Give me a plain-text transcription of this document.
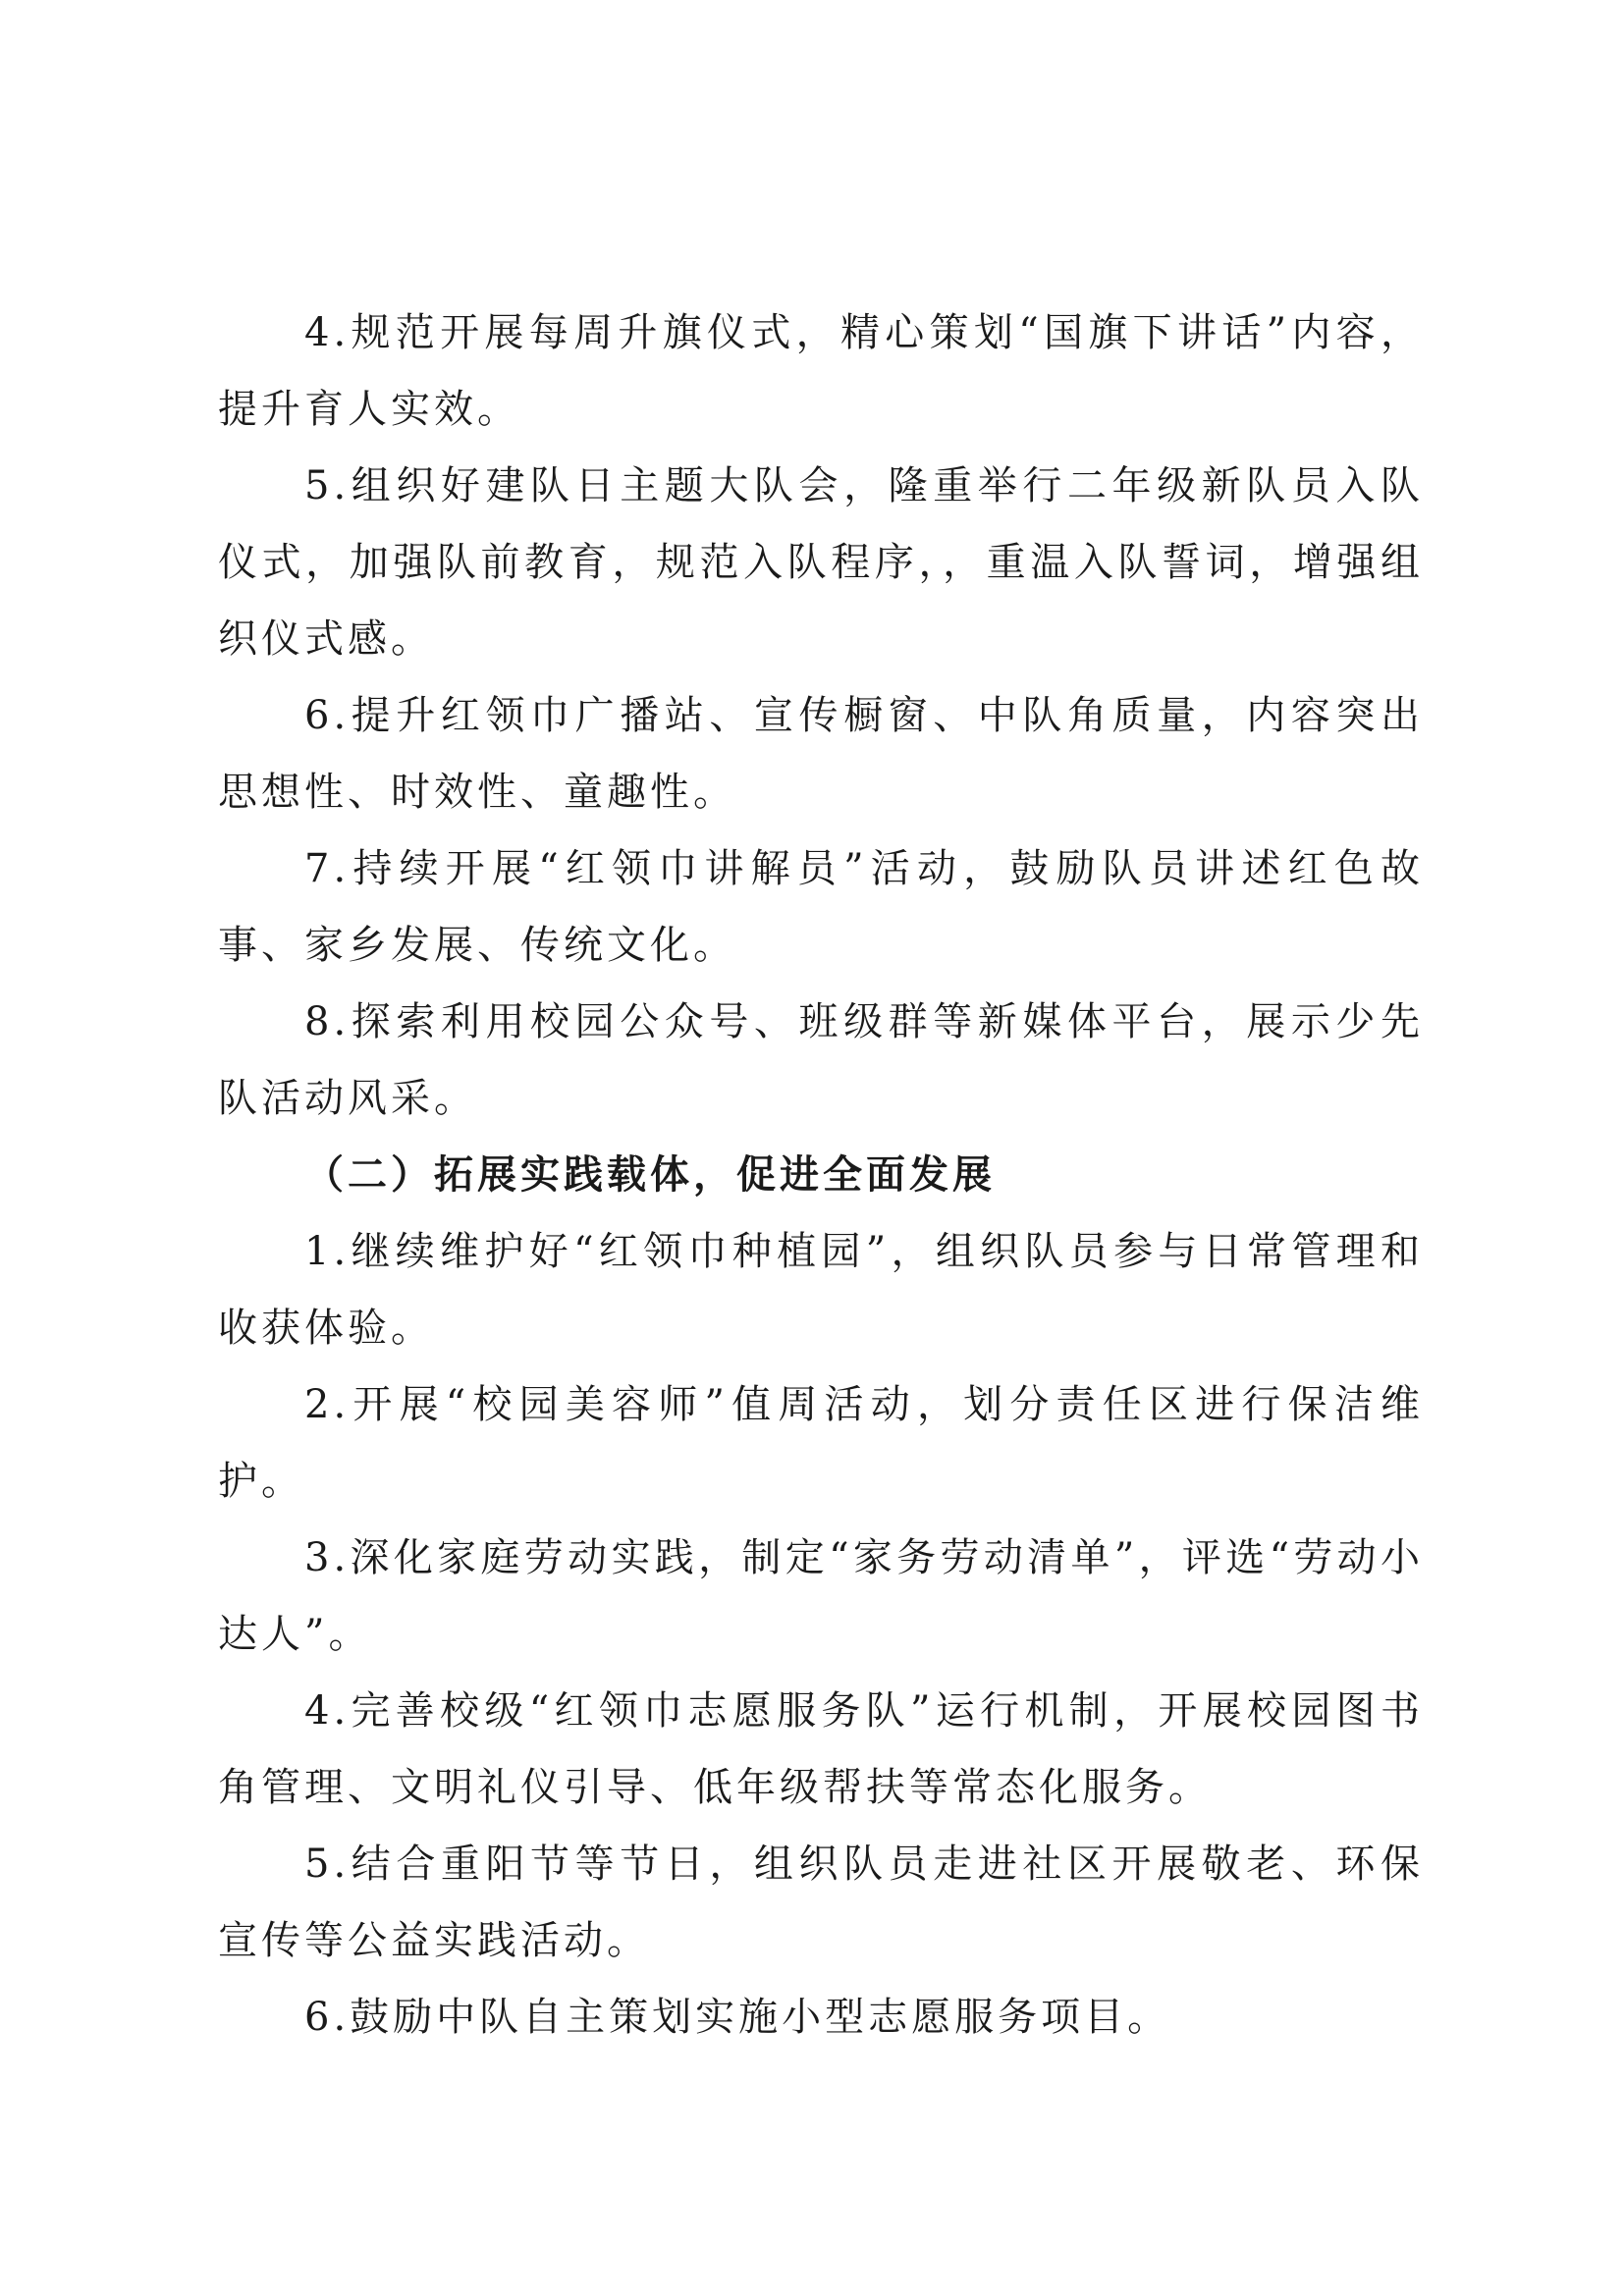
4.规范开展每周升旗仪式，精心策划“国旗下讲话”内容，提升育人实效。

5.组织好建队日主题大队会，隆重举行二年级新队员入队仪式，加强队前教育，规范入队程序，，重温入队誓词，增强组织仪式感。

6.提升红领巾广播站、宣传橱窗、中队角质量，内容突出思想性、时效性、童趣性。

7.持续开展“红领巾讲解员”活动，鼓励队员讲述红色故事、家乡发展、传统文化。

8.探索利用校园公众号、班级群等新媒体平台，展示少先队活动风采。

（二）拓展实践载体，促进全面发展

1.继续维护好“红领巾种植园”，组织队员参与日常管理和收获体验。

2.开展“校园美容师”值周活动，划分责任区进行保洁维护。

3.深化家庭劳动实践，制定“家务劳动清单”，评选“劳动小达人”。

4.完善校级“红领巾志愿服务队”运行机制，开展校园图书角管理、文明礼仪引导、低年级帮扶等常态化服务。

5.结合重阳节等节日，组织队员走进社区开展敬老、环保宣传等公益实践活动。

6.鼓励中队自主策划实施小型志愿服务项目。
